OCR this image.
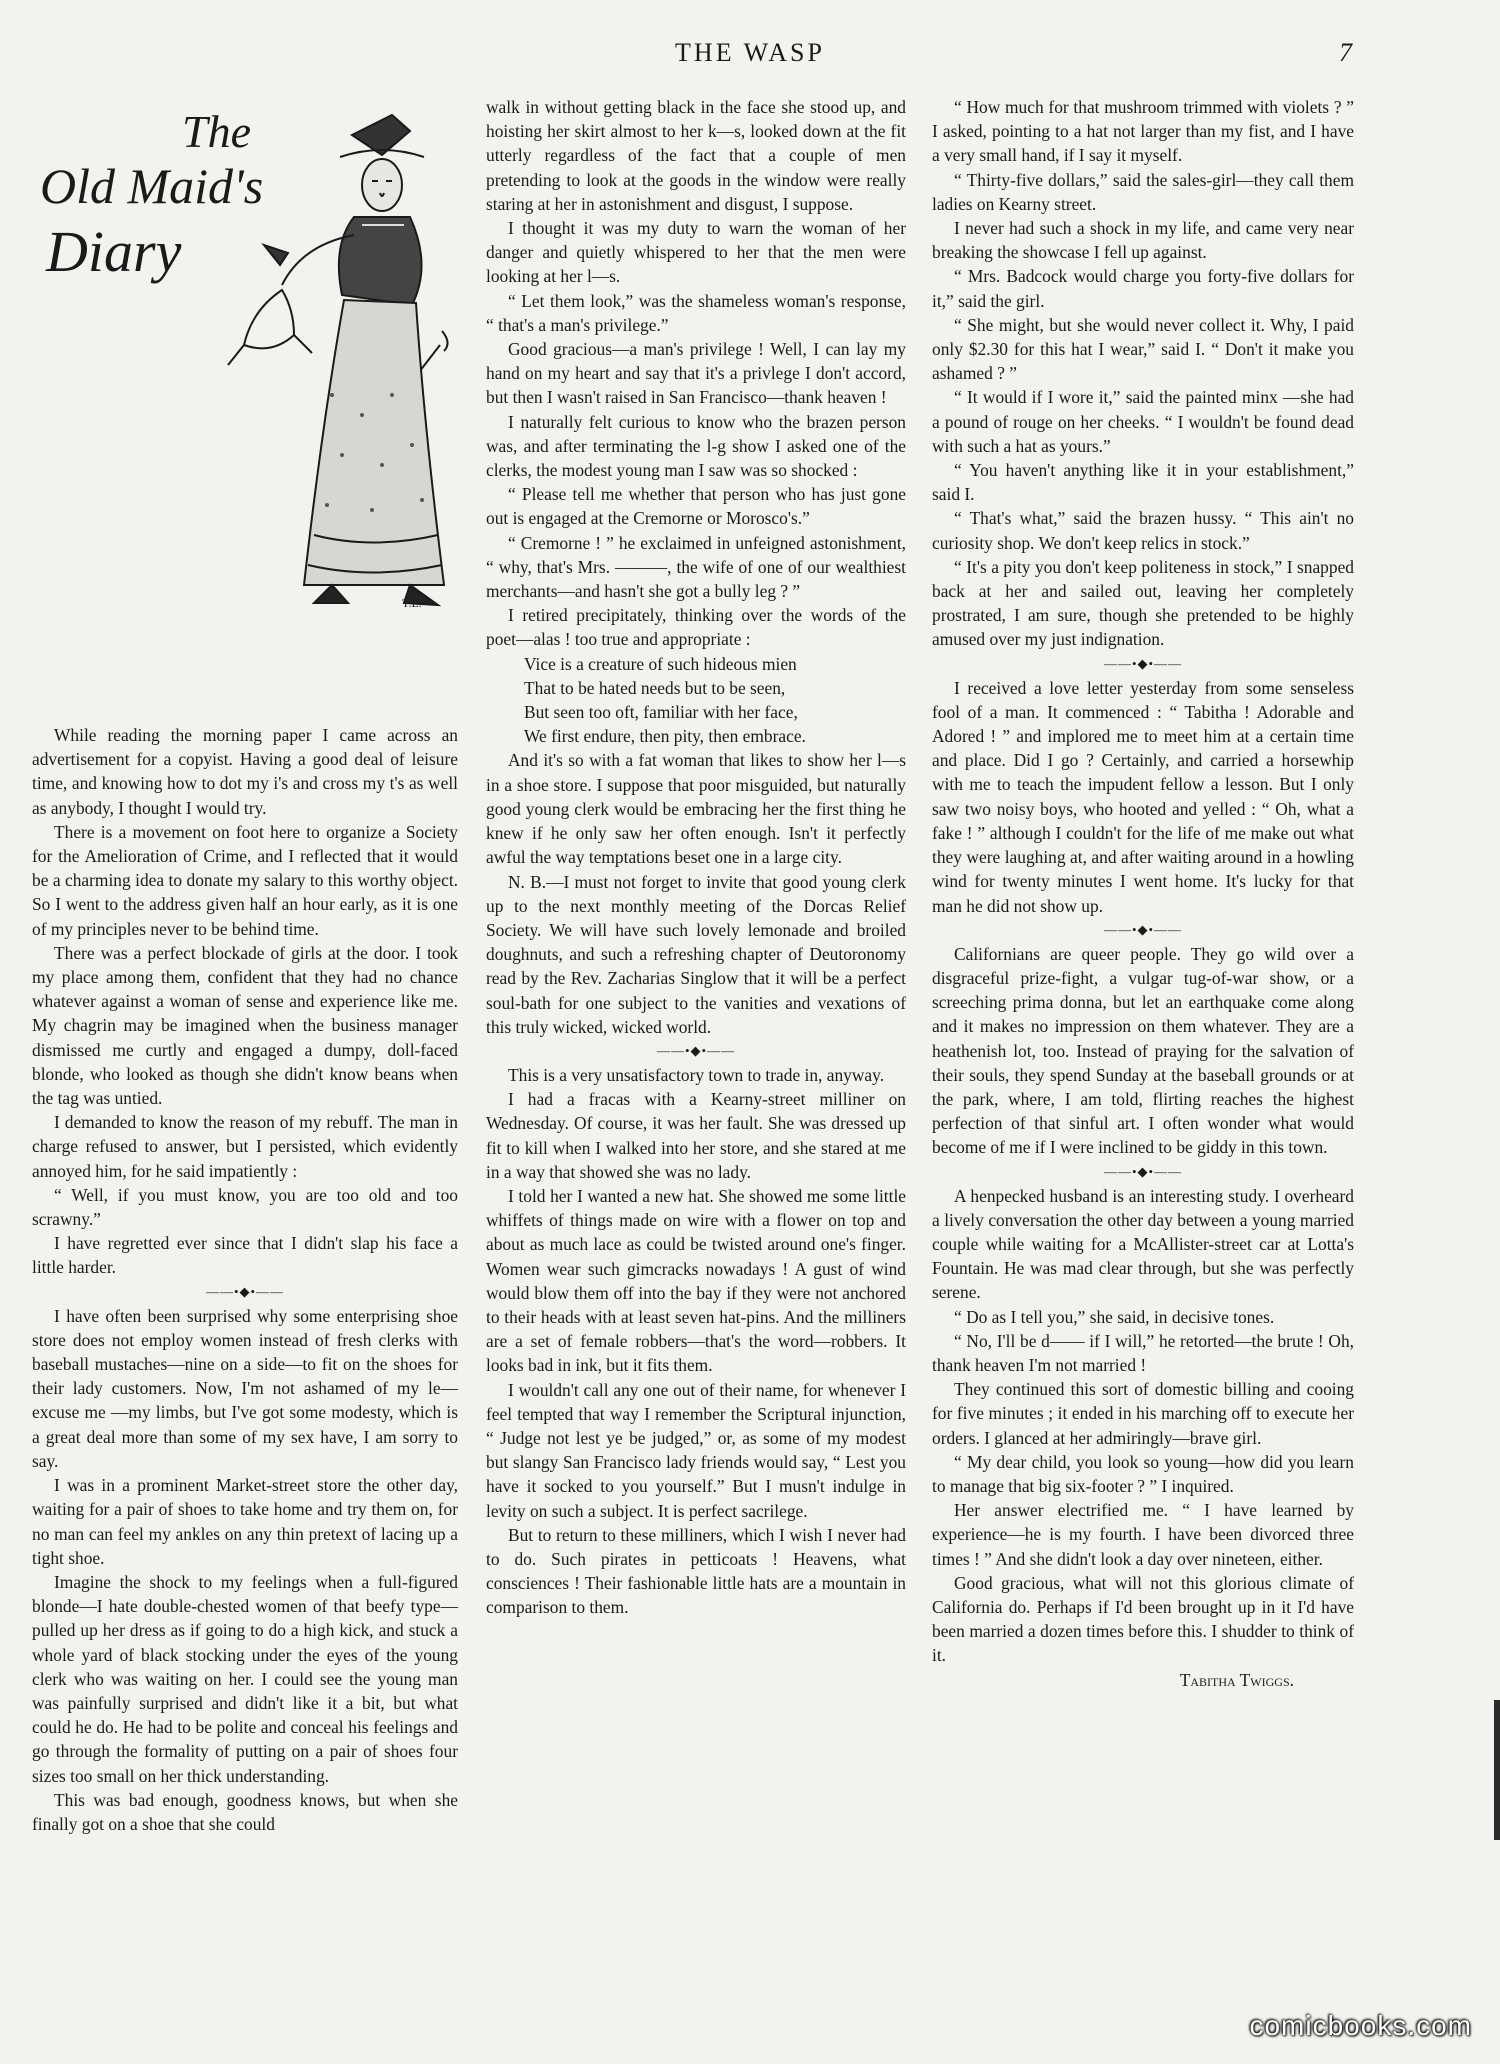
THE WASP	7
The
Old Maid's
Diary
T.L.

While reading the morning paper I came across an advertisement for a copyist. Having a good deal of leisure time, and knowing how to dot my i's and cross my t's as well as anybody, I thought I would try.

There is a movement on foot here to organize a Society for the Amelioration of Crime, and I reflected that it would be a charming idea to donate my salary to this worthy object. So I went to the address given half an hour early, as it is one of my principles never to be behind time.

There was a perfect blockade of girls at the door. I took my place among them, confident that they had no chance whatever against a woman of sense and experience like me. My chagrin may be imagined when the business manager dismissed me curtly and engaged a dumpy, doll-faced blonde, who looked as though she didn't know beans when the tag was untied.

I demanded to know the reason of my rebuff. The man in charge refused to answer, but I persisted, which evidently annoyed him, for he said impatiently :

“ Well, if you must know, you are too old and too scrawny.”

I have regretted ever since that I didn't slap his face a little harder.

——•◆•——

I have often been surprised why some enterprising shoe store does not employ women instead of fresh clerks with baseball mustaches—nine on a side—to fit on the shoes for their lady customers. Now, I'm not ashamed of my le—excuse me —my limbs, but I've got some modesty, which is a great deal more than some of my sex have, I am sorry to say.

I was in a prominent Market-street store the other day, waiting for a pair of shoes to take home and try them on, for no man can feel my ankles on any thin pretext of lacing up a tight shoe.

Imagine the shock to my feelings when a full-figured blonde—I hate double-chested women of that beefy type—pulled up her dress as if going to do a high kick, and stuck a whole yard of black stocking under the eyes of the young clerk who was waiting on her. I could see the young man was painfully surprised and didn't like it a bit, but what could he do. He had to be polite and conceal his feelings and go through the formality of putting on a pair of shoes four sizes too small on her thick understanding.

This was bad enough, goodness knows, but when she finally got on a shoe that she could

walk in without getting black in the face she stood up, and hoisting her skirt almost to her k—s, looked down at the fit utterly regardless of the fact that a couple of men pretending to look at the goods in the window were really staring at her in astonishment and disgust, I suppose.

I thought it was my duty to warn the woman of her danger and quietly whispered to her that the men were looking at her l—s.

“ Let them look,” was the shameless woman's response, “ that's a man's privilege.”

Good gracious—a man's privilege ! Well, I can lay my hand on my heart and say that it's a privlege I don't accord, but then I wasn't raised in San Francisco—thank heaven !

I naturally felt curious to know who the brazen person was, and after terminating the l-g show I asked one of the clerks, the modest young man I saw was so shocked :

“ Please tell me whether that person who has just gone out is engaged at the Cremorne or Morosco's.”

“ Cremorne ! ” he exclaimed in unfeigned astonishment, “ why, that's Mrs. ———, the wife of one of our wealthiest merchants—and hasn't she got a bully leg ? ”

I retired precipitately, thinking over the words of the poet—alas ! too true and appropriate :

Vice is a creature of such hideous mien
That to be hated needs but to be seen,
But seen too oft, familiar with her face,
We first endure, then pity, then embrace.

And it's so with a fat woman that likes to show her l—s in a shoe store. I suppose that poor misguided, but naturally good young clerk would be embracing her the first thing he knew if he only saw her often enough. Isn't it perfectly awful the way temptations beset one in a large city.

N. B.—I must not forget to invite that good young clerk up to the next monthly meeting of the Dorcas Relief Society. We will have such lovely lemonade and broiled doughnuts, and such a refreshing chapter of Deutoronomy read by the Rev. Zacharias Singlow that it will be a perfect soul-bath for one subject to the vanities and vexations of this truly wicked, wicked world.

——•◆•——

This is a very unsatisfactory town to trade in, anyway.

I had a fracas with a Kearny-street milliner on Wednesday. Of course, it was her fault. She was dressed up fit to kill when I walked into her store, and she stared at me in a way that showed she was no lady.

I told her I wanted a new hat. She showed me some little whiffets of things made on wire with a flower on top and about as much lace as could be twisted around one's finger. Women wear such gimcracks nowadays ! A gust of wind would blow them off into the bay if they were not anchored to their heads with at least seven hat-pins. And the milliners are a set of female robbers—that's the word—robbers. It looks bad in ink, but it fits them.

I wouldn't call any one out of their name, for whenever I feel tempted that way I remember the Scriptural injunction, “ Judge not lest ye be judged,” or, as some of my modest but slangy San Francisco lady friends would say, “ Lest you have it socked to you yourself.” But I musn't indulge in levity on such a subject. It is perfect sacrilege.

But to return to these milliners, which I wish I never had to do. Such pirates in petticoats ! Heavens, what consciences ! Their fashionable little hats are a mountain in comparison to them.

“ How much for that mushroom trimmed with violets ? ” I asked, pointing to a hat not larger than my fist, and I have a very small hand, if I say it myself.

“ Thirty-five dollars,” said the sales-girl—they call them ladies on Kearny street.

I never had such a shock in my life, and came very near breaking the showcase I fell up against.

“ Mrs. Badcock would charge you forty-five dollars for it,” said the girl.

“ She might, but she would never collect it. Why, I paid only $2.30 for this hat I wear,” said I. “ Don't it make you ashamed ? ”

“ It would if I wore it,” said the painted minx —she had a pound of rouge on her cheeks. “ I wouldn't be found dead with such a hat as yours.”

“ You haven't anything like it in your establishment,” said I.

“ That's what,” said the brazen hussy. “ This ain't no curiosity shop. We don't keep relics in stock.”

“ It's a pity you don't keep politeness in stock,” I snapped back at her and sailed out, leaving her completely prostrated, I am sure, though she pretended to be highly amused over my just indignation.

——•◆•——

I received a love letter yesterday from some senseless fool of a man. It commenced : “ Tabitha ! Adorable and Adored ! ” and implored me to meet him at a certain time and place. Did I go ? Certainly, and carried a horsewhip with me to teach the impudent fellow a lesson. But I only saw two noisy boys, who hooted and yelled : “ Oh, what a fake ! ” although I couldn't for the life of me make out what they were laughing at, and after waiting around in a howling wind for twenty minutes I went home. It's lucky for that man he did not show up.

——•◆•——

Californians are queer people. They go wild over a disgraceful prize-fight, a vulgar tug-of-war show, or a screeching prima donna, but let an earthquake come along and it makes no impression on them whatever. They are a heathenish lot, too. Instead of praying for the salvation of their souls, they spend Sunday at the baseball grounds or at the park, where, I am told, flirting reaches the highest perfection of that sinful art. I often wonder what would become of me if I were inclined to be giddy in this town.

——•◆•——

A henpecked husband is an interesting study. I overheard a lively conversation the other day between a young married couple while waiting for a McAllister-street car at Lotta's Fountain. He was mad clear through, but she was perfectly serene.

“ Do as I tell you,” she said, in decisive tones.

“ No, I'll be d—— if I will,” he retorted—the brute ! Oh, thank heaven I'm not married !

They continued this sort of domestic billing and cooing for five minutes ; it ended in his marching off to execute her orders. I glanced at her admiringly—brave girl.

“ My dear child, you look so young—how did you learn to manage that big six-footer ? ” I inquired.

Her answer electrified me. “ I have learned by experience—he is my fourth. I have been divorced three times ! ” And she didn't look a day over nineteen, either.

Good gracious, what will not this glorious climate of California do. Perhaps if I'd been brought up in it I'd have been married a dozen times before this. I shudder to think of it.

Tabitha Twiggs.
comicbooks.com
